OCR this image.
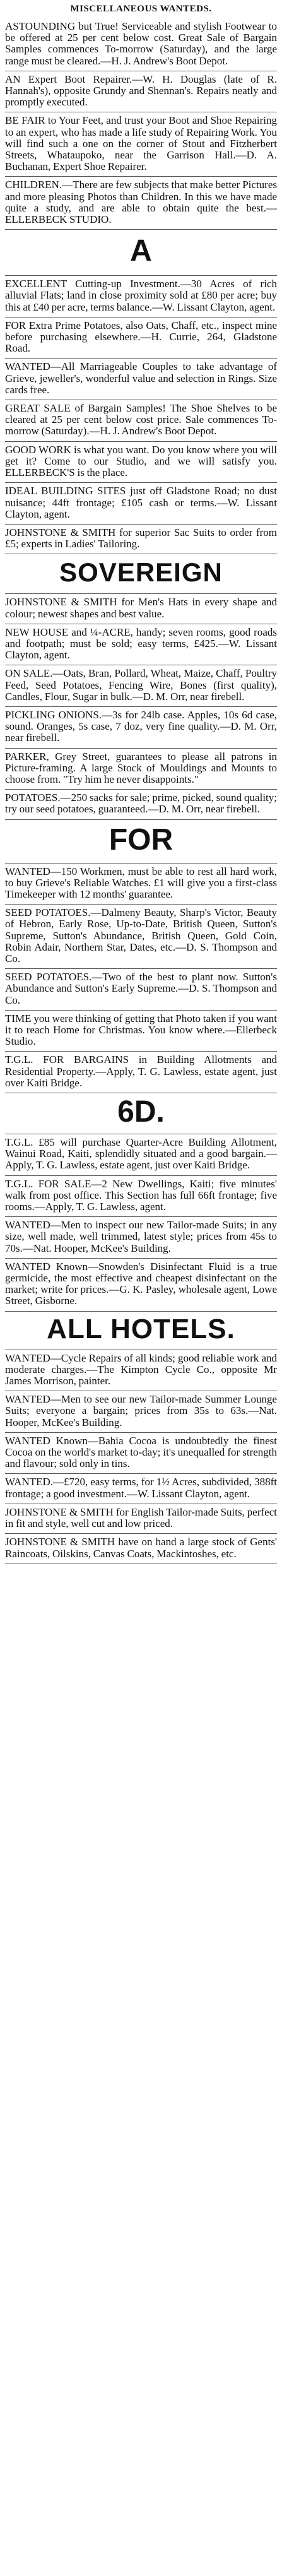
MISCELLANEOUS WANTEDS.

ASTOUNDING but True! Serviceable and stylish Footwear to be offered at 25 per cent below cost. Great Sale of Bargain Samples commences To-morrow (Saturday), and the large range must be cleared.—H. J. Andrew's Boot Depot.

AN Expert Boot Repairer.—W. H. Douglas (late of R. Hannah's), opposite Grundy and Shennan's. Repairs neatly and promptly executed.

BE FAIR to Your Feet, and trust your Boot and Shoe Repairing to an expert, who has made a life study of Repairing Work. You will find such a one on the corner of Stout and Fitzherbert Streets, Whataupoko, near the Garrison Hall.—D. A. Buchanan, Expert Shoe Repairer.

CHILDREN.—There are few subjects that make better Pictures and more pleasing Photos than Children. In this we have made quite a study, and are able to obtain quite the best.—ELLERBECK STUDIO.

A

EXCELLENT Cutting-up Investment.—30 Acres of rich alluvial Flats; land in close proximity sold at £80 per acre; buy this at £40 per acre, terms balance.—W. Lissant Clayton, agent.

FOR Extra Prime Potatoes, also Oats, Chaff, etc., inspect mine before purchasing elsewhere.—H. Currie, 264, Gladstone Road.

WANTED—All Marriageable Couples to take advantage of Grieve, jeweller's, wonderful value and selection in Rings. Size cards free.

GREAT SALE of Bargain Samples! The Shoe Shelves to be cleared at 25 per cent below cost price. Sale commences To-morrow (Saturday).—H. J. Andrew's Boot Depot.

GOOD WORK is what you want. Do you know where you will get it? Come to our Studio, and we will satisfy you. ELLERBECK'S is the place.

IDEAL BUILDING SITES just off Gladstone Road; no dust nuisance; 44ft frontage; £105 cash or terms.—W. Lissant Clayton, agent.

JOHNSTONE & SMITH for superior Sac Suits to order from £5; experts in Ladies' Tailoring.

SOVEREIGN

JOHNSTONE & SMITH for Men's Hats in every shape and colour; newest shapes and best value.

NEW HOUSE and ¼-ACRE, handy; seven rooms, good roads and footpath; must be sold; easy terms, £425.—W. Lissant Clayton, agent.

ON SALE.—Oats, Bran, Pollard, Wheat, Maize, Chaff, Poultry Feed, Seed Potatoes, Fencing Wire, Bones (first quality), Candles, Flour, Sugar in bulk.—D. M. Orr, near firebell.

PICKLING ONIONS.—3s for 24lb case. Apples, 10s 6d case, sound. Oranges, 5s case, 7 doz, very fine quality.—D. M. Orr, near firebell.

PARKER, Grey Street, guarantees to please all patrons in Picture-framing. A large Stock of Mouldings and Mounts to choose from. "Try him he never disappoints."

POTATOES.—250 sacks for sale; prime, picked, sound quality; try our seed potatoes, guaranteed.—D. M. Orr, near firebell.

FOR

WANTED—150 Workmen, must be able to rest all hard work, to buy Grieve's Reliable Watches. £1 will give you a first-class Timekeeper with 12 months' guarantee.

SEED POTATOES.—Dalmeny Beauty, Sharp's Victor, Beauty of Hebron, Early Rose, Up-to-Date, British Queen, Sutton's Supreme, Sutton's Abundance, British Queen, Gold Coin, Robin Adair, Northern Star, Dates, etc.—D. S. Thompson and Co.

SEED POTATOES.—Two of the best to plant now. Sutton's Abundance and Sutton's Early Supreme.—D. S. Thompson and Co.

TIME you were thinking of getting that Photo taken if you want it to reach Home for Christmas. You know where.—Ellerbeck Studio.

T.G.L. FOR BARGAINS in Building Allotments and Residential Property.—Apply, T. G. Lawless, estate agent, just over Kaiti Bridge.

6D.

T.G.L. £85 will purchase Quarter-Acre Building Allotment, Wainui Road, Kaiti, splendidly situated and a good bargain.—Apply, T. G. Lawless, estate agent, just over Kaiti Bridge.

T.G.L. FOR SALE—2 New Dwellings, Kaiti; five minutes' walk from post office. This Section has full 66ft frontage; five rooms.—Apply, T. G. Lawless, agent.

WANTED—Men to inspect our new Tailor-made Suits; in any size, well made, well trimmed, latest style; prices from 45s to 70s.—Nat. Hooper, McKee's Building.

WANTED Known—Snowden's Disinfectant Fluid is a true germicide, the most effective and cheapest disinfectant on the market; write for prices.—G. K. Pasley, wholesale agent, Lowe Street, Gisborne.

ALL HOTELS.

WANTED—Cycle Repairs of all kinds; good reliable work and moderate charges.—The Kimpton Cycle Co., opposite Mr James Morrison, painter.

WANTED—Men to see our new Tailor-made Summer Lounge Suits; everyone a bargain; prices from 35s to 63s.—Nat. Hooper, McKee's Building.

WANTED Known—Bahia Cocoa is undoubtedly the finest Cocoa on the world's market to-day; it's unequalled for strength and flavour; sold only in tins.

WANTED.—£720, easy terms, for 1½ Acres, subdivided, 388ft frontage; a good investment.—W. Lissant Clayton, agent.

JOHNSTONE & SMITH for English Tailor-made Suits, perfect in fit and style, well cut and low priced.

JOHNSTONE & SMITH have on hand a large stock of Gents' Raincoats, Oilskins, Canvas Coats, Mackintoshes, etc.
